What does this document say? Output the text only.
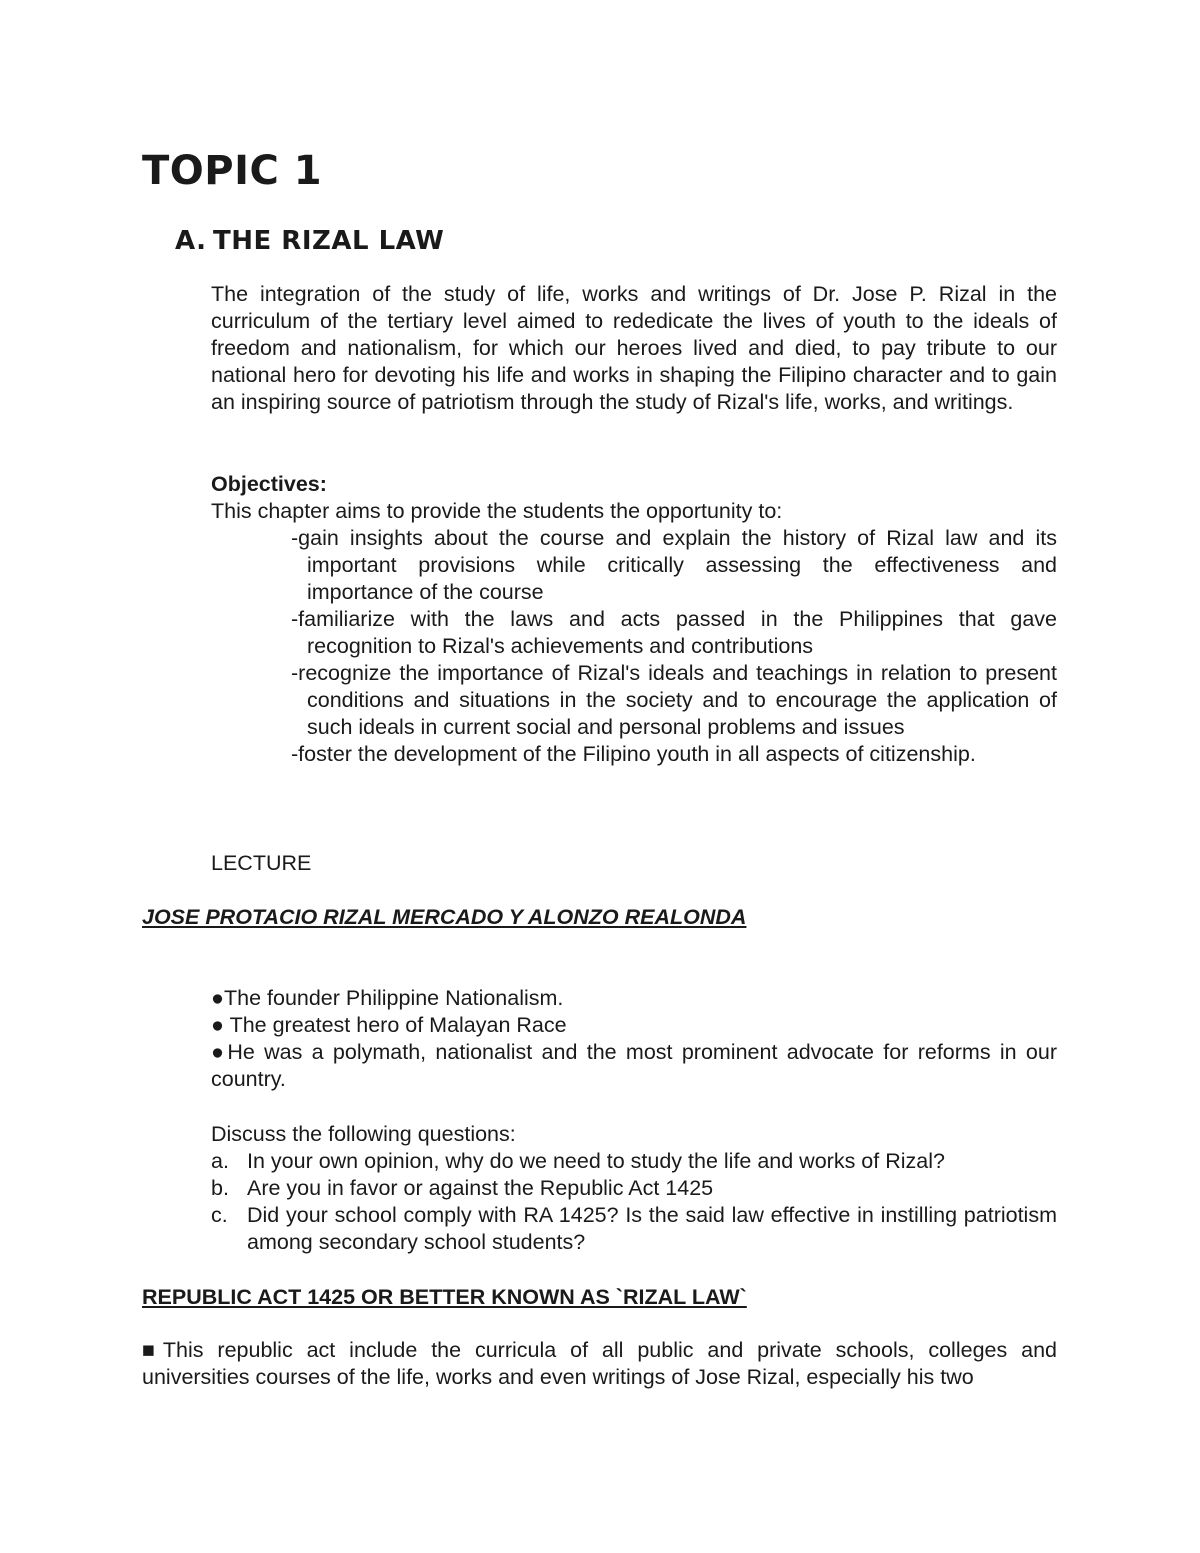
TOPIC 1
A. THE RIZAL LAW

The integration of the study of life, works and writings of Dr. Jose P. Rizal in the curriculum of the tertiary level aimed to rededicate the lives of youth to the ideals of freedom and nationalism, for which our heroes lived and died, to pay tribute to our national hero for devoting his life and works in shaping the Filipino character and to gain an inspiring source of patriotism through the study of Rizal's life, works, and writings.

Objectives:
This chapter aims to provide the students the opportunity to:
-gain insights about the course and explain the history of Rizal law and its important provisions while critically assessing the effectiveness and importance of the course
-familiarize with the laws and acts passed in the Philippines that gave recognition to Rizal's achievements and contributions
-recognize the importance of Rizal's ideals and teachings in relation to present conditions and situations in the society and to encourage the application of such ideals in current social and personal problems and issues
-foster the development of the Filipino youth in all aspects of citizenship.
LECTURE
JOSE PROTACIO RIZAL MERCADO Y ALONZO REALONDA
●The founder Philippine Nationalism.
● The greatest hero of Malayan Race
●He was a polymath, nationalist and the most prominent advocate for reforms in our country.
Discuss the following questions:
a. In your own opinion, why do we need to study the life and works of Rizal?
b. Are you in favor or against the Republic Act 1425
c. Did your school comply with RA 1425? Is the said law effective in instilling patriotism among secondary school students?
REPUBLIC ACT 1425 OR BETTER KNOWN AS `RIZAL LAW`

■This republic act include the curricula of all public and private schools, colleges and universities courses of the life, works and even writings of Jose Rizal, especially his two
